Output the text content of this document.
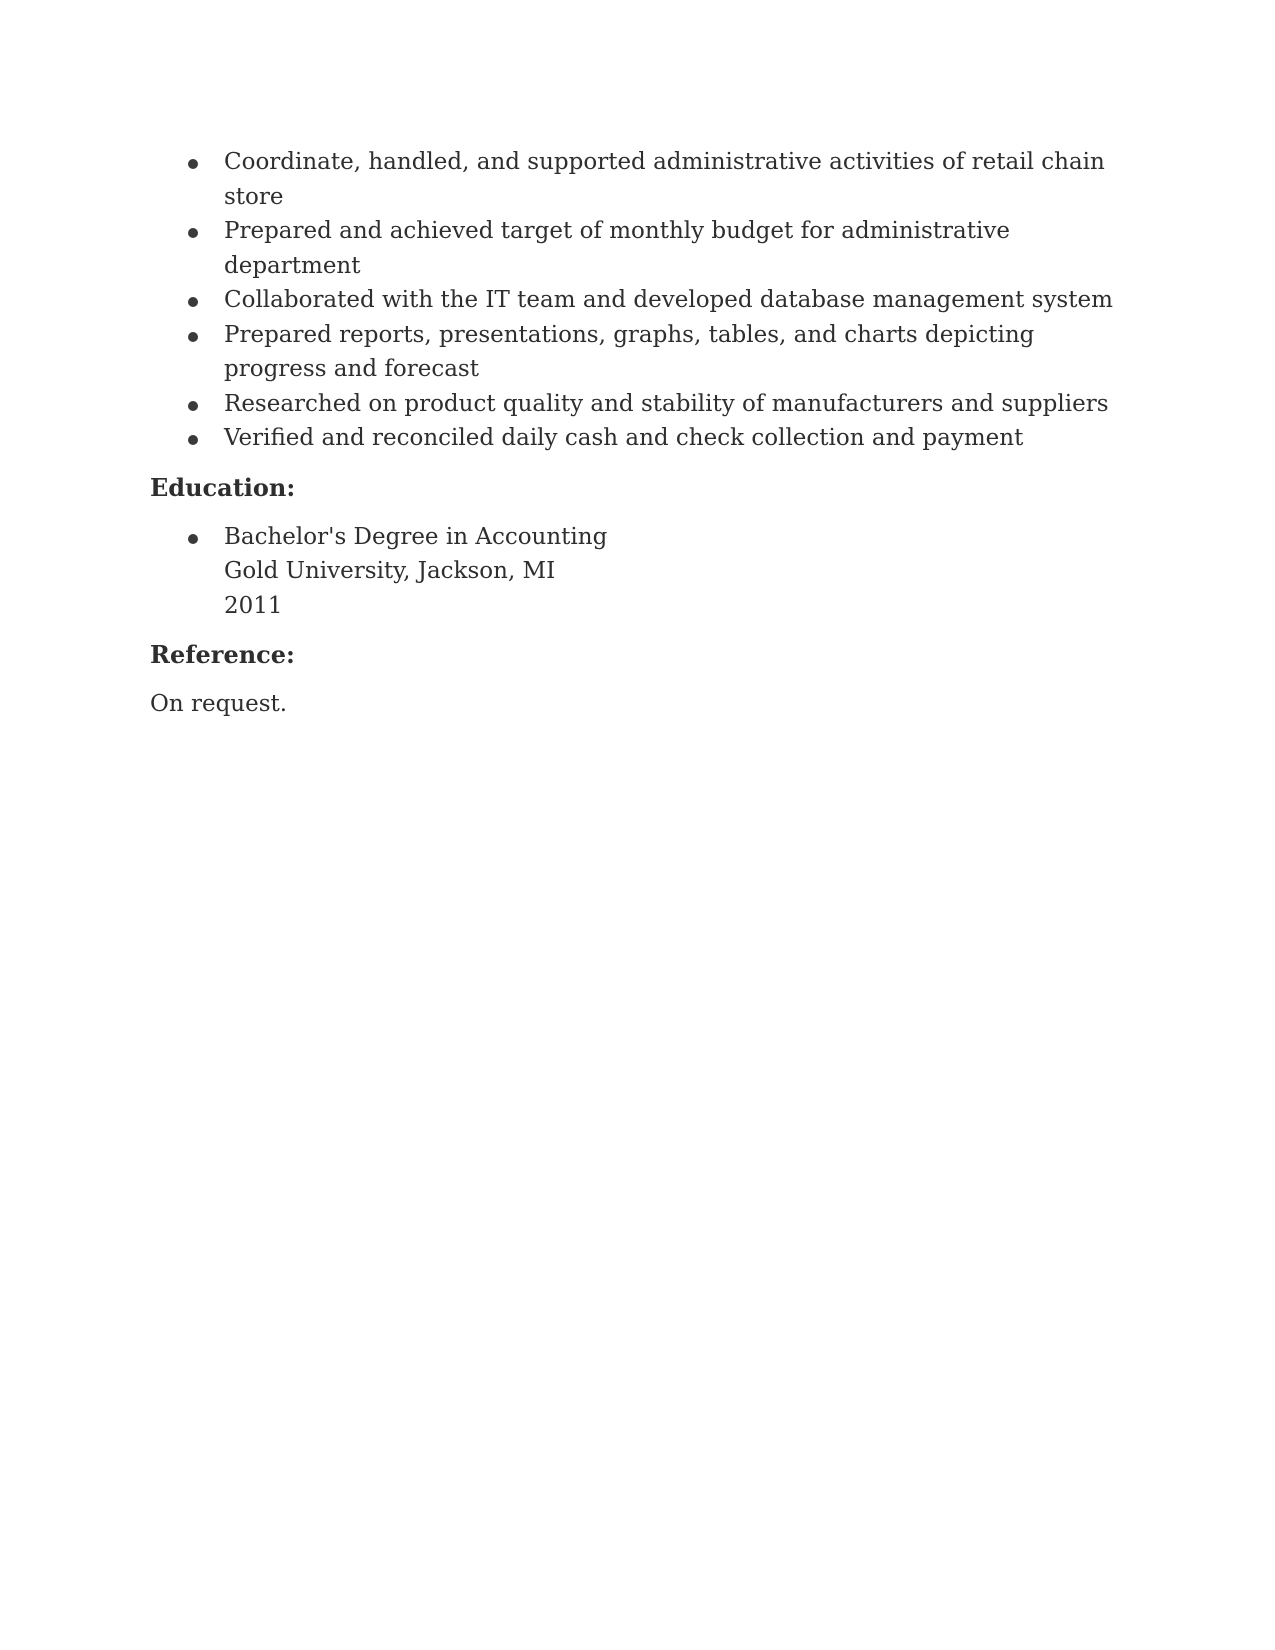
Coordinate, handled, and supported administrative activities of retail chain store
Prepared and achieved target of monthly budget for administrative department
Collaborated with the IT team and developed database management system
Prepared reports, presentations, graphs, tables, and charts depicting progress and forecast
Researched on product quality and stability of manufacturers and suppliers
Verified and reconciled daily cash and check collection and payment
Education:
Bachelor's Degree in Accounting
Gold University, Jackson, MI
2011
Reference:

On request.
